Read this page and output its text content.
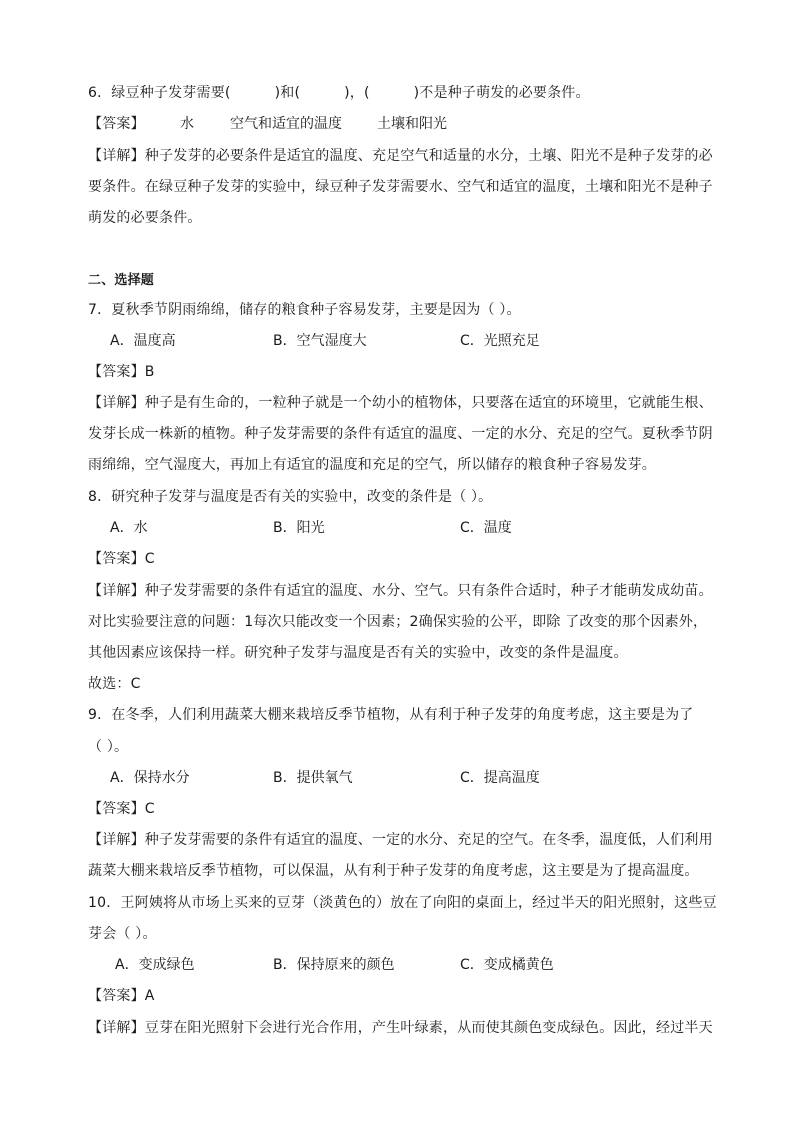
6．绿豆种子发芽需要(	)和(	)，(	)不是种子萌发的必要条件。
【答案】	水	空气和适宜的温度	土壤和阳光
【详解】种子发芽的必要条件是适宜的温度、充足空气和适量的水分，土壤、阳光不是种子发芽的必
要条件。在绿豆种子发芽的实验中，绿豆种子发芽需要水、空气和适宜的温度，土壤和阳光不是种子
萌发的必要条件。
二、选择题
7．夏秋季节阴雨绵绵，储存的粮食种子容易发芽，主要是因为（ ）。
A．温度高	B．空气湿度大	C．光照充足
【答案】B
【详解】种子是有生命的，一粒种子就是一个幼小的植物体，只要落在适宜的环境里，它就能生根、
发芽长成一株新的植物。种子发芽需要的条件有适宜的温度、一定的水分、充足的空气。夏秋季节阴
雨绵绵，空气湿度大，再加上有适宜的温度和充足的空气，所以储存的粮食种子容易发芽。
8．研究种子发芽与温度是否有关的实验中，改变的条件是（ ）。
A．水	B．阳光	C．温度
【答案】C
【详解】种子发芽需要的条件有适宜的温度、水分、空气。只有条件合适时，种子才能萌发成幼苗。
对比实验要注意的问题：1每次只能改变一个因素；2确保实验的公平，即除 了改变的那个因素外，
其他因素应该保持一样。研究种子发芽与温度是否有关的实验中，改变的条件是温度。
故选：C
9．在冬季，人们利用蔬菜大棚来栽培反季节植物，从有利于种子发芽的角度考虑，这主要是为了
（ ）。
A．保持水分	B．提供氧气	C．提高温度
【答案】C
【详解】种子发芽需要的条件有适宜的温度、一定的水分、充足的空气。在冬季，温度低，人们利用
蔬菜大棚来栽培反季节植物，可以保温，从有利于种子发芽的角度考虑，这主要是为了提高温度。
10．王阿姨将从市场上买来的豆芽（淡黄色的）放在了向阳的桌面上，经过半天的阳光照射，这些豆
芽会（ ）。
A．变成绿色	B．保持原来的颜色	C．变成橘黄色
【答案】A
【详解】豆芽在阳光照射下会进行光合作用，产生叶绿素，从而使其颜色变成绿色。因此，经过半天
